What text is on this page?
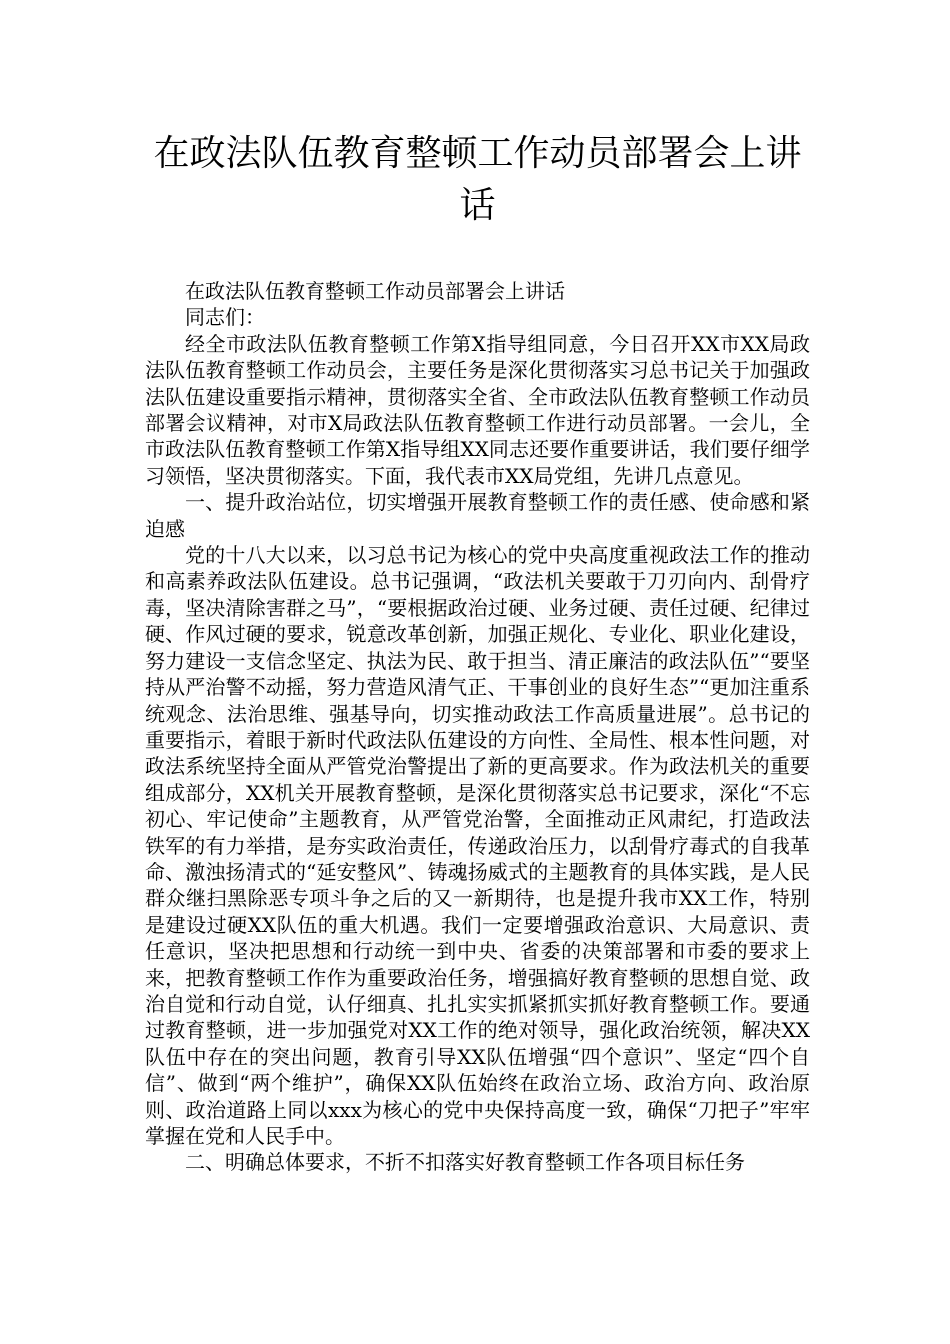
在政法队伍教育整顿工作动员部署会上讲话

在政法队伍教育整顿工作动员部署会上讲话

同志们：

经全市政法队伍教育整顿工作第X指导组同意，今日召开XX市XX局政法队伍教育整顿工作动员会，主要任务是深化贯彻落实习总书记关于加强政法队伍建设重要指示精神，贯彻落实全省、全市政法队伍教育整顿工作动员部署会议精神，对市X局政法队伍教育整顿工作进行动员部署。一会儿，全市政法队伍教育整顿工作第X指导组XX同志还要作重要讲话，我们要仔细学习领悟，坚决贯彻落实。下面，我代表市XX局党组，先讲几点意见。

一、提升政治站位，切实增强开展教育整顿工作的责任感、使命感和紧迫感

党的十八大以来，以习总书记为核心的党中央高度重视政法工作的推动和高素养政法队伍建设。总书记强调，“政法机关要敢于刀刃向内、刮骨疗毒，坚决清除害群之马”，“要根据政治过硬、业务过硬、责任过硬、纪律过硬、作风过硬的要求，锐意改革创新，加强正规化、专业化、职业化建设，努力建设一支信念坚定、执法为民、敢于担当、清正廉洁的政法队伍”“要坚持从严治警不动摇，努力营造风清气正、干事创业的良好生态”“更加注重系统观念、法治思维、强基导向，切实推动政法工作高质量进展”。总书记的重要指示，着眼于新时代政法队伍建设的方向性、全局性、根本性问题，对政法系统坚持全面从严管党治警提出了新的更高要求。作为政法机关的重要组成部分，XX机关开展教育整顿，是深化贯彻落实总书记要求，深化“不忘初心、牢记使命”主题教育，从严管党治警，全面推动正风肃纪，打造政法铁军的有力举措，是夯实政治责任，传递政治压力，以刮骨疗毒式的自我革命、激浊扬清式的“延安整风”、铸魂扬威式的主题教育的具体实践，是人民群众继扫黑除恶专项斗争之后的又一新期待，也是提升我市XX工作，特别是建设过硬XX队伍的重大机遇。我们一定要增强政治意识、大局意识、责任意识，坚决把思想和行动统一到中央、省委的决策部署和市委的要求上来，把教育整顿工作作为重要政治任务，增强搞好教育整顿的思想自觉、政治自觉和行动自觉，认仔细真、扎扎实实抓紧抓实抓好教育整顿工作。要通过教育整顿，进一步加强党对XX工作的绝对领导，强化政治统领，解决XX队伍中存在的突出问题，教育引导XX队伍增强“四个意识”、坚定“四个自信”、做到“两个维护”，确保XX队伍始终在政治立场、政治方向、政治原则、政治道路上同以xxx为核心的党中央保持高度一致，确保“刀把子”牢牢掌握在党和人民手中。

二、明确总体要求，不折不扣落实好教育整顿工作各项目标任务
